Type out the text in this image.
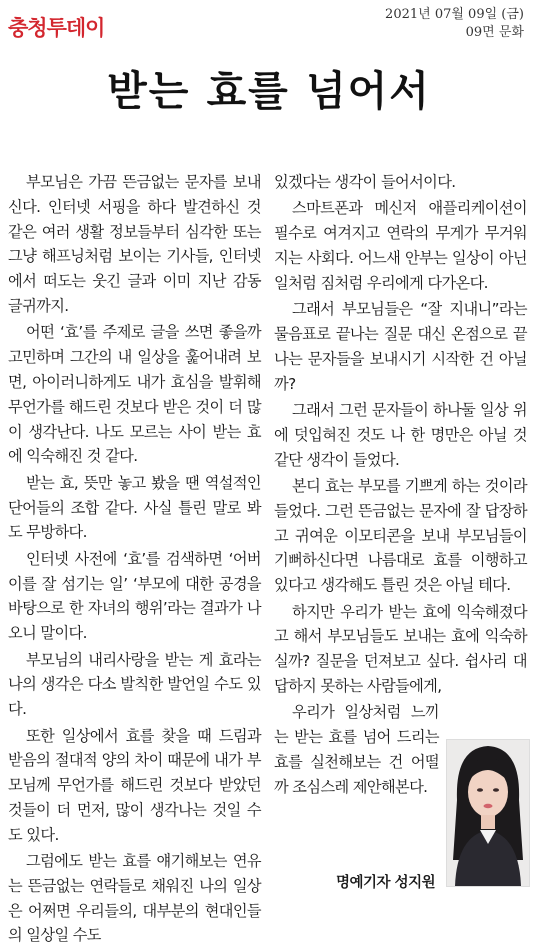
충청투데이
2021년 07월 09일 (금)
09면 문화
받는 효를 넘어서

부모님은 가끔 뜬금없는 문자를 보내신다. 인터넷 서핑을 하다 발견하신 것 같은 여러 생활 정보들부터 심각한 또는 그냥 해프닝처럼 보이는 기사들, 인터넷에서 떠도는 웃긴 글과 이미 지난 감동 글귀까지.

어떤 ‘효’를 주제로 글을 쓰면 좋을까 고민하며 그간의 내 일상을 훑어내려 보면, 아이러니하게도 내가 효심을 발휘해 무언가를 해드린 것보다 받은 것이 더 많이 생각난다. 나도 모르는 사이 받는 효에 익숙해진 것 같다.

받는 효, 뜻만 놓고 봤을 땐 역설적인 단어들의 조합 같다. 사실 틀린 말로 봐도 무방하다.

인터넷 사전에 ‘효’를 검색하면 ‘어버이를 잘 섬기는 일’ ‘부모에 대한 공경을 바탕으로 한 자녀의 행위’라는 결과가 나오니 말이다.

부모님의 내리사랑을 받는 게 효라는 나의 생각은 다소 발칙한 발언일 수도 있다.

또한 일상에서 효를 찾을 때 드림과 받음의 절대적 양의 차이 때문에 내가 부모님께 무언가를 해드린 것보다 받았던 것들이 더 먼저, 많이 생각나는 것일 수도 있다.

그럼에도 받는 효를 얘기해보는 연유는 뜬금없는 연락들로 채워진 나의 일상은 어쩌면 우리들의, 대부분의 현대인들의 일상일 수도

있겠다는 생각이 들어서이다.

스마트폰과 메신저 애플리케이션이 필수로 여겨지고 연락의 무게가 무거워지는 사회다. 어느새 안부는 일상이 아닌 일처럼 짐처럼 우리에게 다가온다.

그래서 부모님들은 “잘 지내니”라는 물음표로 끝나는 질문 대신 온점으로 끝나는 문자들을 보내시기 시작한 건 아닐까?

그래서 그런 문자들이 하나둘 일상 위에 덧입혀진 것도 나 한 명만은 아닐 것 같단 생각이 들었다.

본디 효는 부모를 기쁘게 하는 것이라 들었다. 그런 뜬금없는 문자에 잘 답장하고 귀여운 이모티콘을 보내 부모님들이 기뻐하신다면 나름대로 효를 이행하고 있다고 생각해도 틀린 것은 아닐 테다.

하지만 우리가 받는 효에 익숙해졌다고 해서 부모님들도 보내는 효에 익숙하실까? 질문을 던져보고 싶다. 쉽사리 대답하지 못하는 사람들에게,

우리가 일상처럼 느끼는 받는 효를 넘어 드리는 효를 실천해보는 건 어떨까 조심스레 제안해본다.

명예기자 성지원
